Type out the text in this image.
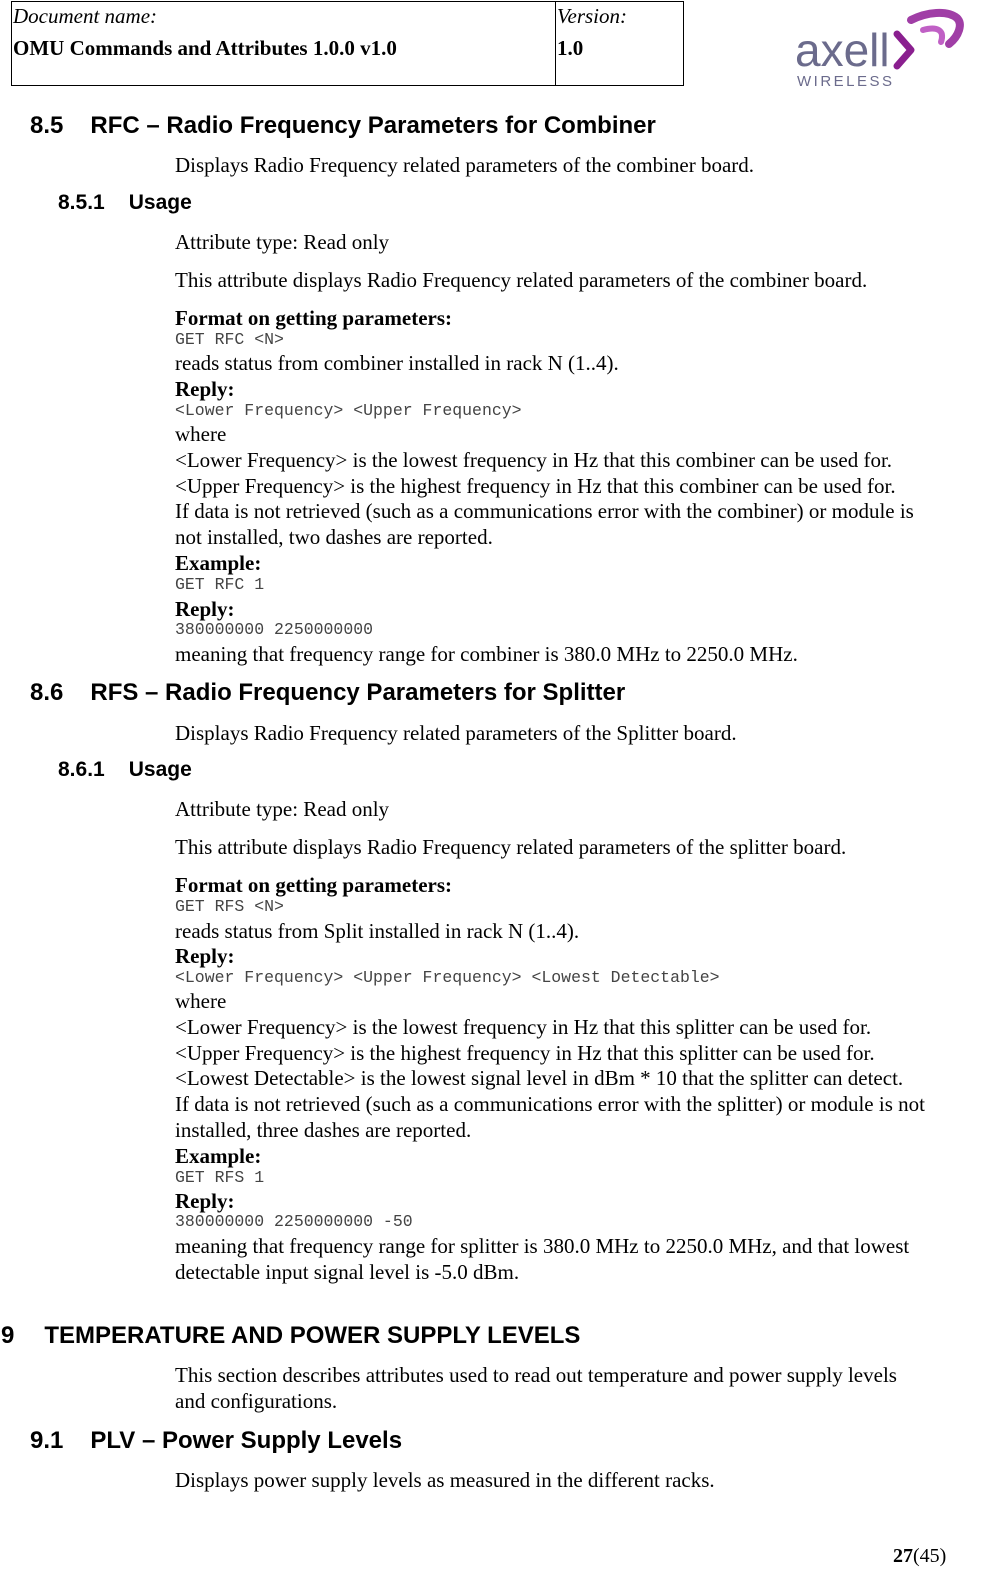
Document name:
OMU Commands and Attributes 1.0.0 v1.0
Version:
1.0	axell
WIRELESS
8.5 RFC – Radio Frequency Parameters for Combiner
Displays Radio Frequency related parameters of the combiner board.
8.5.1 Usage
Attribute type: Read only
This attribute displays Radio Frequency related parameters of the combiner board.
Format on getting parameters:
GET RFC <N>
reads status from combiner installed in rack N (1..4).
Reply:
<Lower Frequency> <Upper Frequency>
where
<Lower Frequency> is the lowest frequency in Hz that this combiner can be used for.
<Upper Frequency> is the highest frequency in Hz that this combiner can be used for.
If data is not retrieved (such as a communications error with the combiner) or module is
not installed, two dashes are reported.
Example:
GET RFC 1
Reply:
380000000 2250000000
meaning that frequency range for combiner is 380.0 MHz to 2250.0 MHz.
8.6 RFS – Radio Frequency Parameters for Splitter
Displays Radio Frequency related parameters of the Splitter board.
8.6.1 Usage
Attribute type: Read only
This attribute displays Radio Frequency related parameters of the splitter board.
Format on getting parameters:
GET RFS <N>
reads status from Split installed in rack N (1..4).
Reply:
<Lower Frequency> <Upper Frequency> <Lowest Detectable>
where
<Lower Frequency> is the lowest frequency in Hz that this splitter can be used for.
<Upper Frequency> is the highest frequency in Hz that this splitter can be used for.
<Lowest Detectable> is the lowest signal level in dBm * 10 that the splitter can detect.
If data is not retrieved (such as a communications error with the splitter) or module is not
installed, three dashes are reported.
Example:
GET RFS 1
Reply:
380000000 2250000000 -50
meaning that frequency range for splitter is 380.0 MHz to 2250.0 MHz, and that lowest
detectable input signal level is -5.0 dBm.
9 TEMPERATURE AND POWER SUPPLY LEVELS
This section describes attributes used to read out temperature and power supply levels
and configurations.
9.1 PLV – Power Supply Levels
Displays power supply levels as measured in the different racks.
27(45)
